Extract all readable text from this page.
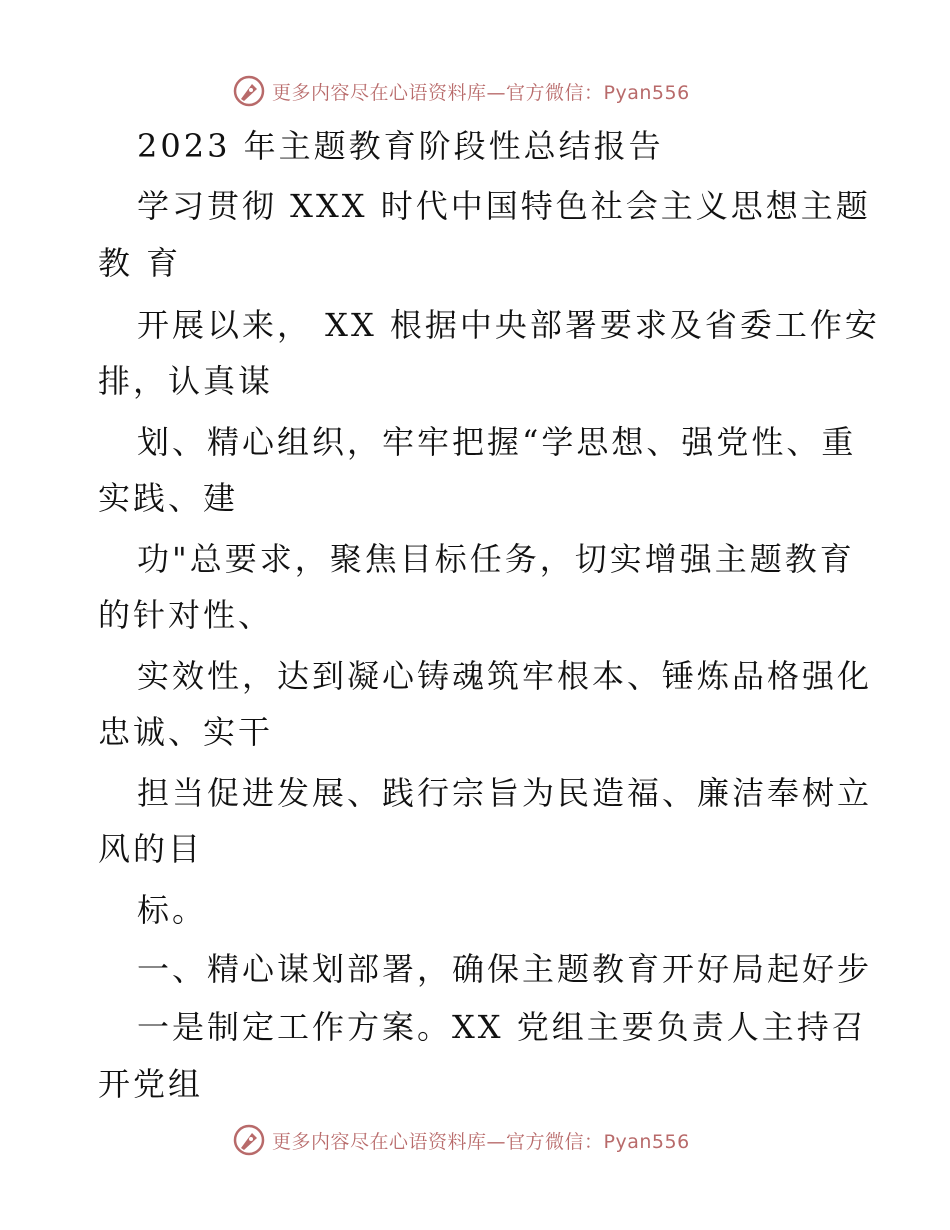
更多内容尽在心语资料库—官方微信：Pyan556
2023 年主题教育阶段性总结报告
学习贯彻 XXX 时代中国特色社会主义思想主题
教 育
开展以来， XX 根据中央部署要求及省委工作安
排，认真谋
划、精心组织，牢牢把握“学思想、强党性、重
实践、建
功"总要求，聚焦目标任务，切实增强主题教育
的针对性、
实效性，达到凝心铸魂筑牢根本、锤炼品格强化
忠诚、实干
担当促进发展、践行宗旨为民造福、廉洁奉树立
风的目
标。
一、精心谋划部署，确保主题教育开好局起好步
一是制定工作方案。XX 党组主要负责人主持召
开党组
更多内容尽在心语资料库—官方微信：Pyan556
